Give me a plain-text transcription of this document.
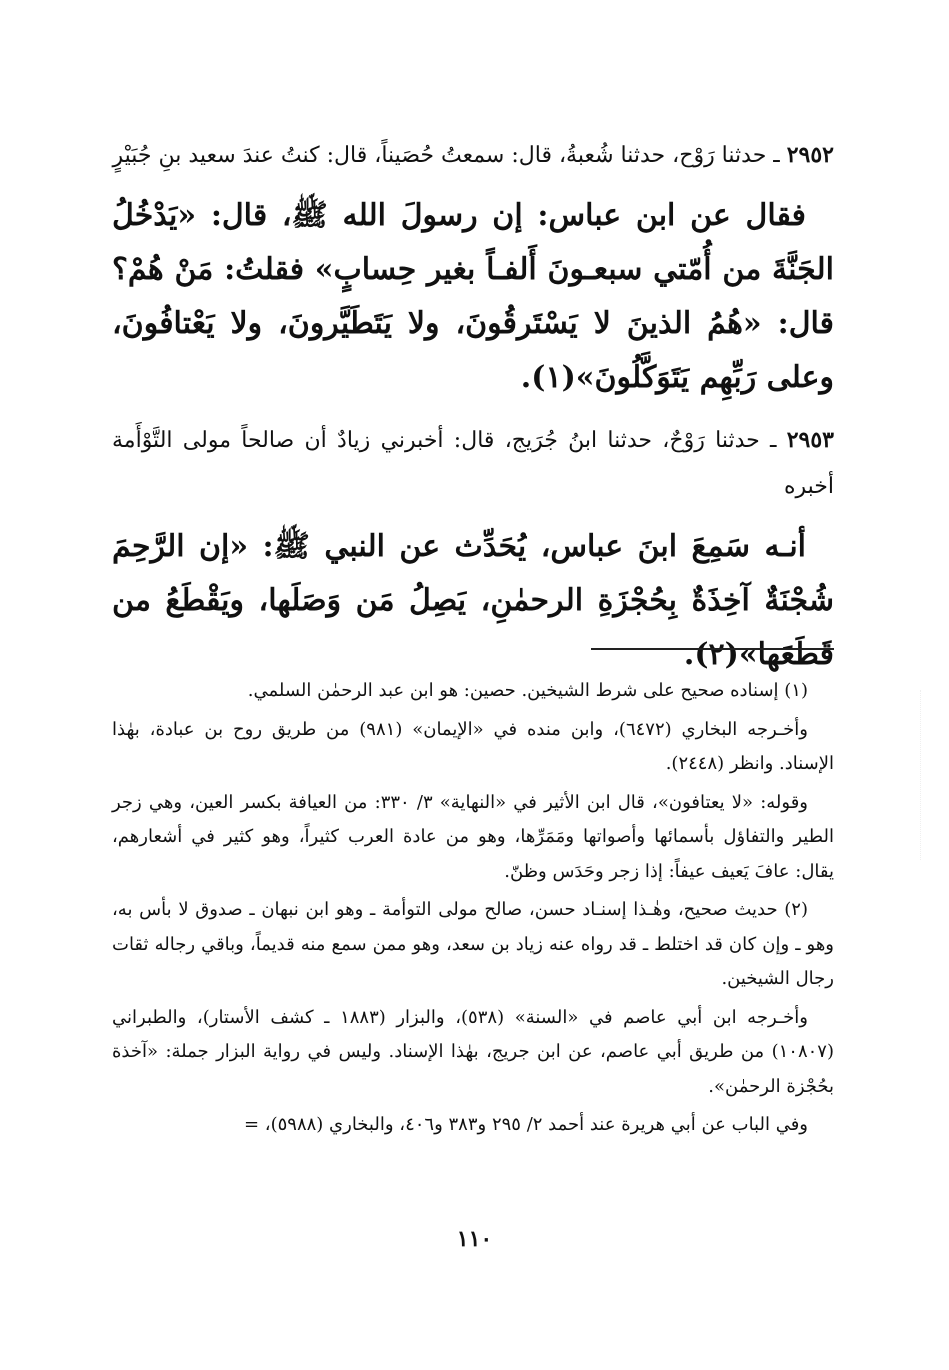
٢٩٥٢ ـ حدثنا رَوْح، حدثنا شُعبةُ، قال: سمعتُ حُصَيناً، قال: كنتُ عندَ سعيد بنِ جُبَيْرٍ

فقال عن ابن عباس: إن رسولَ الله ﷺ، قال: «يَدْخُلُ الجَنَّةَ من أُمّتي سبعـونَ أَلفـاً بغير حِسابٍ» فقلتُ: مَنْ هُمْ؟ قال: «هُمُ الذينَ لا يَسْتَرقُونَ، ولا يَتَطَيَّرونَ، ولا يَعْتافُونَ، وعلى رَبِّهِم يَتَوَكَّلُونَ»(١).

٢٩٥٣ ـ حدثنا رَوْحٌ، حدثنا ابنُ جُرَيج، قال: أخبرني زيادٌ أن صالحاً مولى التَّوْأَمة أخبره

أنـه سَمِعَ ابنَ عباس، يُحَدِّث عن النبي ﷺ: «إن الرَّحِمَ شُجْنَةٌ آخِذَةٌ بِحُجْزَةِ الرحمٰنِ، يَصِلُ مَن وَصَلَها، ويَقْطَعُ من قَطَعَها»(٢).

(١) إسناده صحيح على شرط الشيخين. حصين: هو ابن عبد الرحمٰن السلمي.

وأخـرجه البخاري (٦٤٧٢)، وابن منده في «الإيمان» (٩٨١) من طريق روح بن عبادة، بهٰذا الإسناد. وانظر (٢٤٤٨).

وقوله: «لا يعتافون»، قال ابن الأثير في «النهاية» ٣/ ٣٣٠: من العيافة بكسر العين، وهي زجر الطير والتفاؤل بأسمائها وأصواتها ومَمَرِّها، وهو من عادة العرب كثيراً، وهو كثير في أشعارهم، يقال: عافَ يَعيف عيفاً: إذا زجر وحَدَس وظنّ.

(٢) حديث صحيح، وهٰـذا إسنـاد حسن، صالح مولى التوأمة ـ وهو ابن نبهان ـ صدوق لا بأس به، وهو ـ وإن كان قد اختلط ـ قد رواه عنه زياد بن سعد، وهو ممن سمع منه قديماً، وباقي رجاله ثقات رجال الشيخين.

وأخـرجه ابن أبي عاصم في «السنة» (٥٣٨)، والبزار (١٨٨٣ ـ كشف الأستار)، والطبراني (١٠٨٠٧) من طريق أبي عاصم، عن ابن جريج، بهٰذا الإسناد. وليس في رواية البزار جملة: «آخذة بحُجْزة الرحمٰن».

وفي الباب عن أبي هريرة عند أحمد ٢/ ٢٩٥ و٣٨٣ و٤٠٦، والبخاري (٥٩٨٨)، =

١١٠
